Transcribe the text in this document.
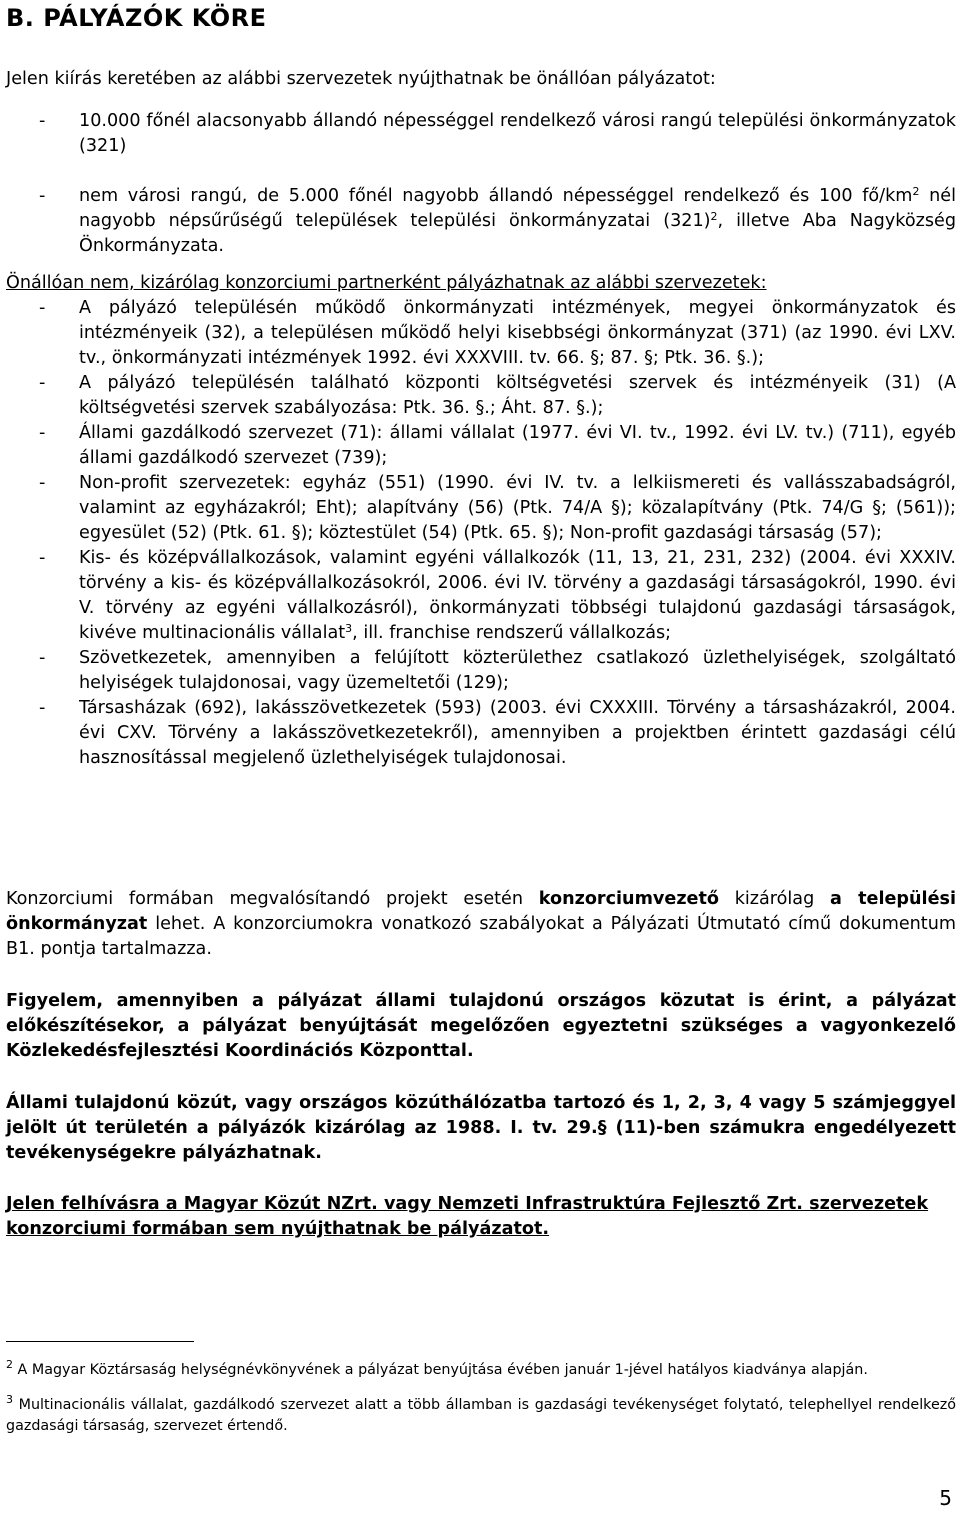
B. PÁLYÁZÓK KÖRE
Jelen kiírás keretében az alábbi szervezetek nyújthatnak be önállóan pályázatot:
- 10.000 főnél alacsonyabb állandó népességgel rendelkező városi rangú települési önkormányzatok (321)
- nem városi rangú, de 5.000 főnél nagyobb állandó népességgel rendelkező és 100 $fő/km^2$ nél nagyobb népsűrűségű települések települési önkormányzatai $(321)^2$, illetve Aba Nagyközség Önkormányzata.
Önállóan nem, kizárólag konzorciumi partnerként pályázhatnak az alábbi szervezetek:
- A pályázó településén működő önkormányzati intézmények, megyei önkormányzatok és intézményeik (32), a településen működő helyi kisebbségi önkormányzat (371) (az 1990. évi LXV. tv., önkormányzati intézmények 1992. évi XXXVIII. tv. 66. §; 87. §; Ptk. 36. §.);
- A pályázó településén található központi költségvetési szervek és intézményeik (31) (A költségvetési szervek szabályozása: Ptk. 36. §.; Áht. 87. §.);
- Állami gazdálkodó szervezet (71): állami vállalat (1977. évi VI. tv., 1992. évi LV. tv.) (711), egyéb állami gazdálkodó szervezet (739);
- Non-profit szervezetek: egyház (551) (1990. évi IV. tv. a lelkiismereti és vallásszabadságról, valamint az egyházakról; Eht); alapítvány (56) (Ptk. 74/A §); közalapítvány (Ptk. 74/G §; (561)); egyesület (52) (Ptk. 61. §); köztestület (54) (Ptk. 65. §); Non-profit gazdasági társaság (57);
- Kis- és középvállalkozások, valamint egyéni vállalkozók (11, 13, 21, 231, 232) (2004. évi XXXIV. törvény a kis- és középvállalkozásokról, 2006. évi IV. törvény a gazdasági társaságokról, 1990. évi V. törvény az egyéni vállalkozásról), önkormányzati többségi tulajdonú gazdasági társaságok, kivéve multinacionális vállalat$^3$, ill. franchise rendszerű vállalkozás;
- Szövetkezetek, amennyiben a felújított közterülethez csatlakozó üzlethelyiségek, szolgáltató helyiségek tulajdonosai, vagy üzemeltetői (129);
- Társasházak (692), lakásszövetkezetek (593) (2003. évi CXXXIII. Törvény a társasházakról, 2004. évi CXV. Törvény a lakásszövetkezetekről), amennyiben a projektben érintett gazdasági célú hasznosítással megjelenő üzlethelyiségek tulajdonosai.
Konzorciumi formában megvalósítandó projekt esetén konzorciumvezető kizárólag a települési önkormányzat lehet. A konzorciumokra vonatkozó szabályokat a Pályázati Útmutató című dokumentum B1. pontja tartalmazza.
Figyelem, amennyiben a pályázat állami tulajdonú országos közutat is érint, a pályázat előkészítésekor, a pályázat benyújtását megelőzően egyeztetni szükséges a vagyonkezelő Közlekedésfejlesztési Koordinációs Központtal.
Állami tulajdonú közút, vagy országos közúthálózatba tartozó és 1, 2, 3, 4 vagy 5 számjeggyel jelölt út területén a pályázók kizárólag az 1988. I. tv. 29.§ (11)-ben számukra engedélyezett tevékenységekre pályázhatnak.
Jelen felhívásra a Magyar Közút NZrt. vagy Nemzeti Infrastruktúra Fejlesztő Zrt. szervezetek konzorciumi formában sem nyújthatnak be pályázatot.

$^2$ A Magyar Köztársaság helységnévkönyvének a pályázat benyújtása évében január 1-jével hatályos kiadványa alapján.

$^3$ Multinacionális vállalat, gazdálkodó szervezet alatt a több államban is gazdasági tevékenységet folytató, telephellyel rendelkező gazdasági társaság, szervezet értendő.

5
